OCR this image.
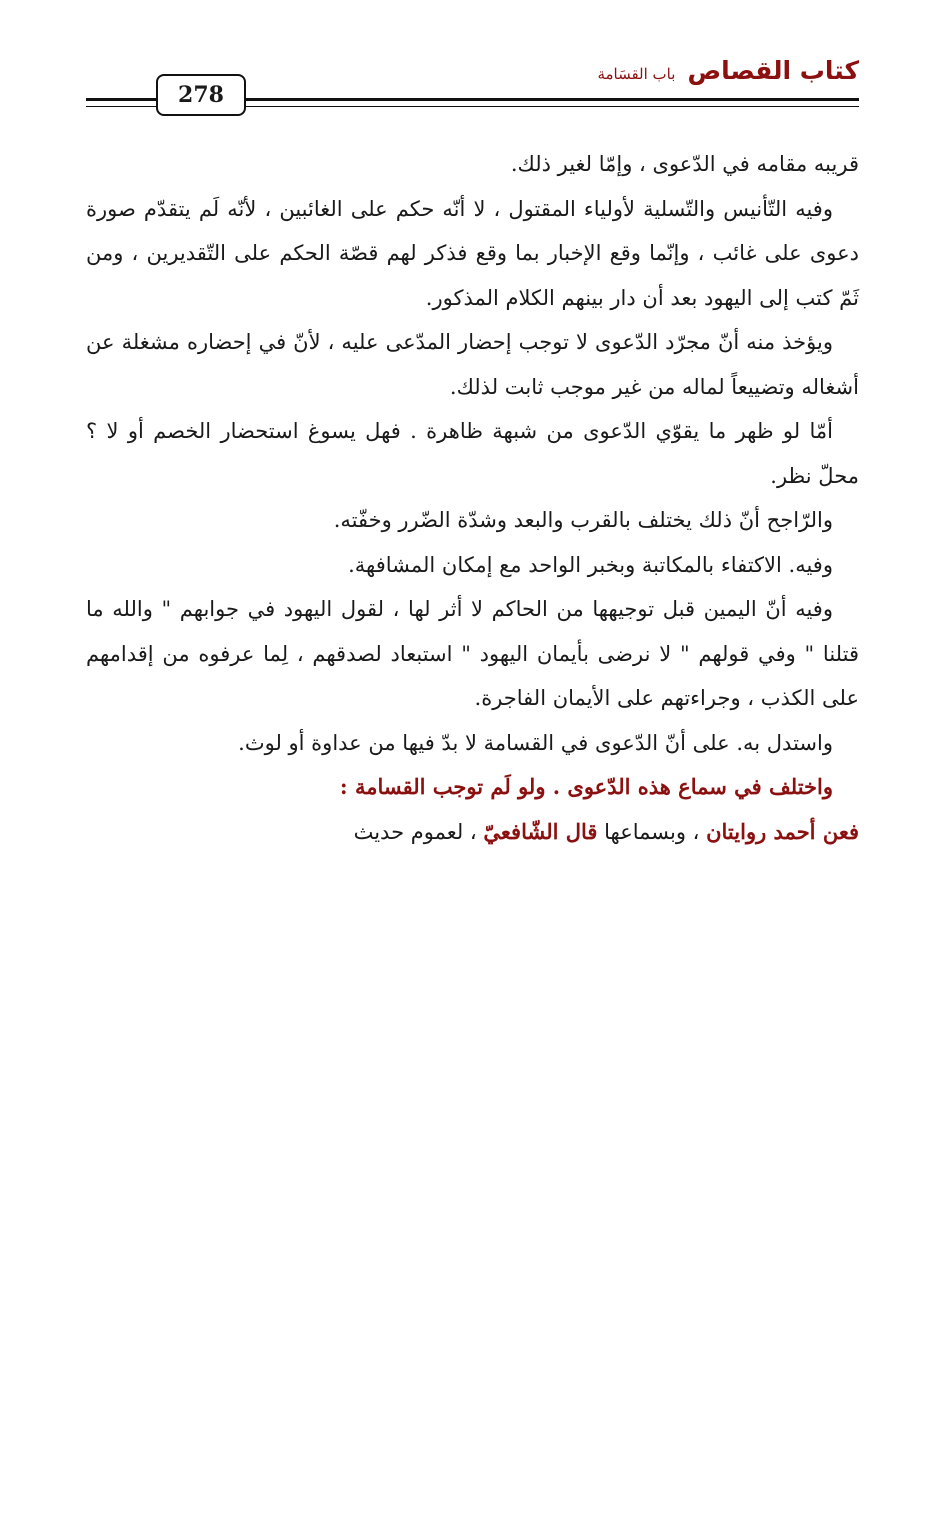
كتاب القصاص
باب القسَامة
278

قريبه مقامه في الدّعوى ، وإمّا لغير ذلك.

وفيه التّأنيس والتّسلية لأولياء المقتول ، لا أنّه حكم على الغائبين ، لأنّه لَم يتقدّم صورة دعوى على غائب ، وإنّما وقع الإخبار بما وقع فذكر لهم قصّة الحكم على التّقديرين ، ومن ثَمّ كتب إلى اليهود بعد أن دار بينهم الكلام المذكور.

ويؤخذ منه أنّ مجرّد الدّعوى لا توجب إحضار المدّعى عليه ، لأنّ في إحضاره مشغلة عن أشغاله وتضييعاً لماله من غير موجب ثابت لذلك.

أمّا لو ظهر ما يقوّي الدّعوى من شبهة ظاهرة . فهل يسوغ استحضار الخصم أو لا ؟ محلّ نظر.

والرّاجح أنّ ذلك يختلف بالقرب والبعد وشدّة الضّرر وخفّته.

وفيه. الاكتفاء بالمكاتبة وبخبر الواحد مع إمكان المشافهة.

وفيه أنّ اليمين قبل توجيهها من الحاكم لا أثر لها ، لقول اليهود في جوابهم " والله ما قتلنا " وفي قولهم " لا نرضى بأيمان اليهود " استبعاد لصدقهم ، لِما عرفوه من إقدامهم على الكذب ، وجراءتهم على الأيمان الفاجرة.

واستدل به. على أنّ الدّعوى في القسامة لا بدّ فيها من عداوة أو لوث.

واختلف في سماع هذه الدّعوى . ولو لَم توجب القسامة :

فعن أحمد روايتان ، وبسماعها قال الشّافعيّ ، لعموم حديث
